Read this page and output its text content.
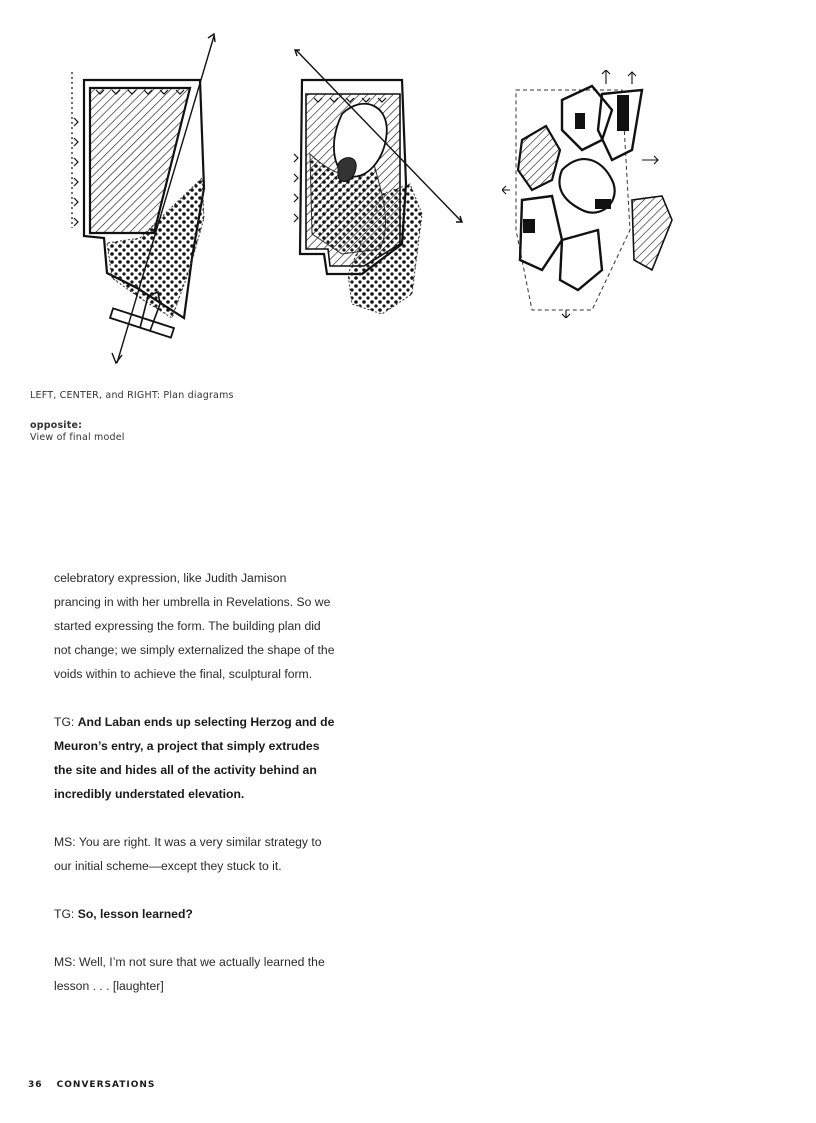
LEFT, CENTER, and RIGHT: Plan diagrams
opposite:
View of final model

celebratory expression, like Judith Jamison prancing in with her umbrella in Revelations. So we started expressing the form. The building plan did not change; we simply externalized the shape of the voids within to achieve the final, sculptural form.

TG: And Laban ends up selecting Herzog and de Meuron’s entry, a project that simply extrudes the site and hides all of the activity behind an incredibly understated elevation.

MS: You are right. It was a very similar strategy to our initial scheme—except they stuck to it.

TG: So, lesson learned?

MS: Well, I’m not sure that we actually learned the lesson . . . [laughter]

36 CONVERSATIONS
